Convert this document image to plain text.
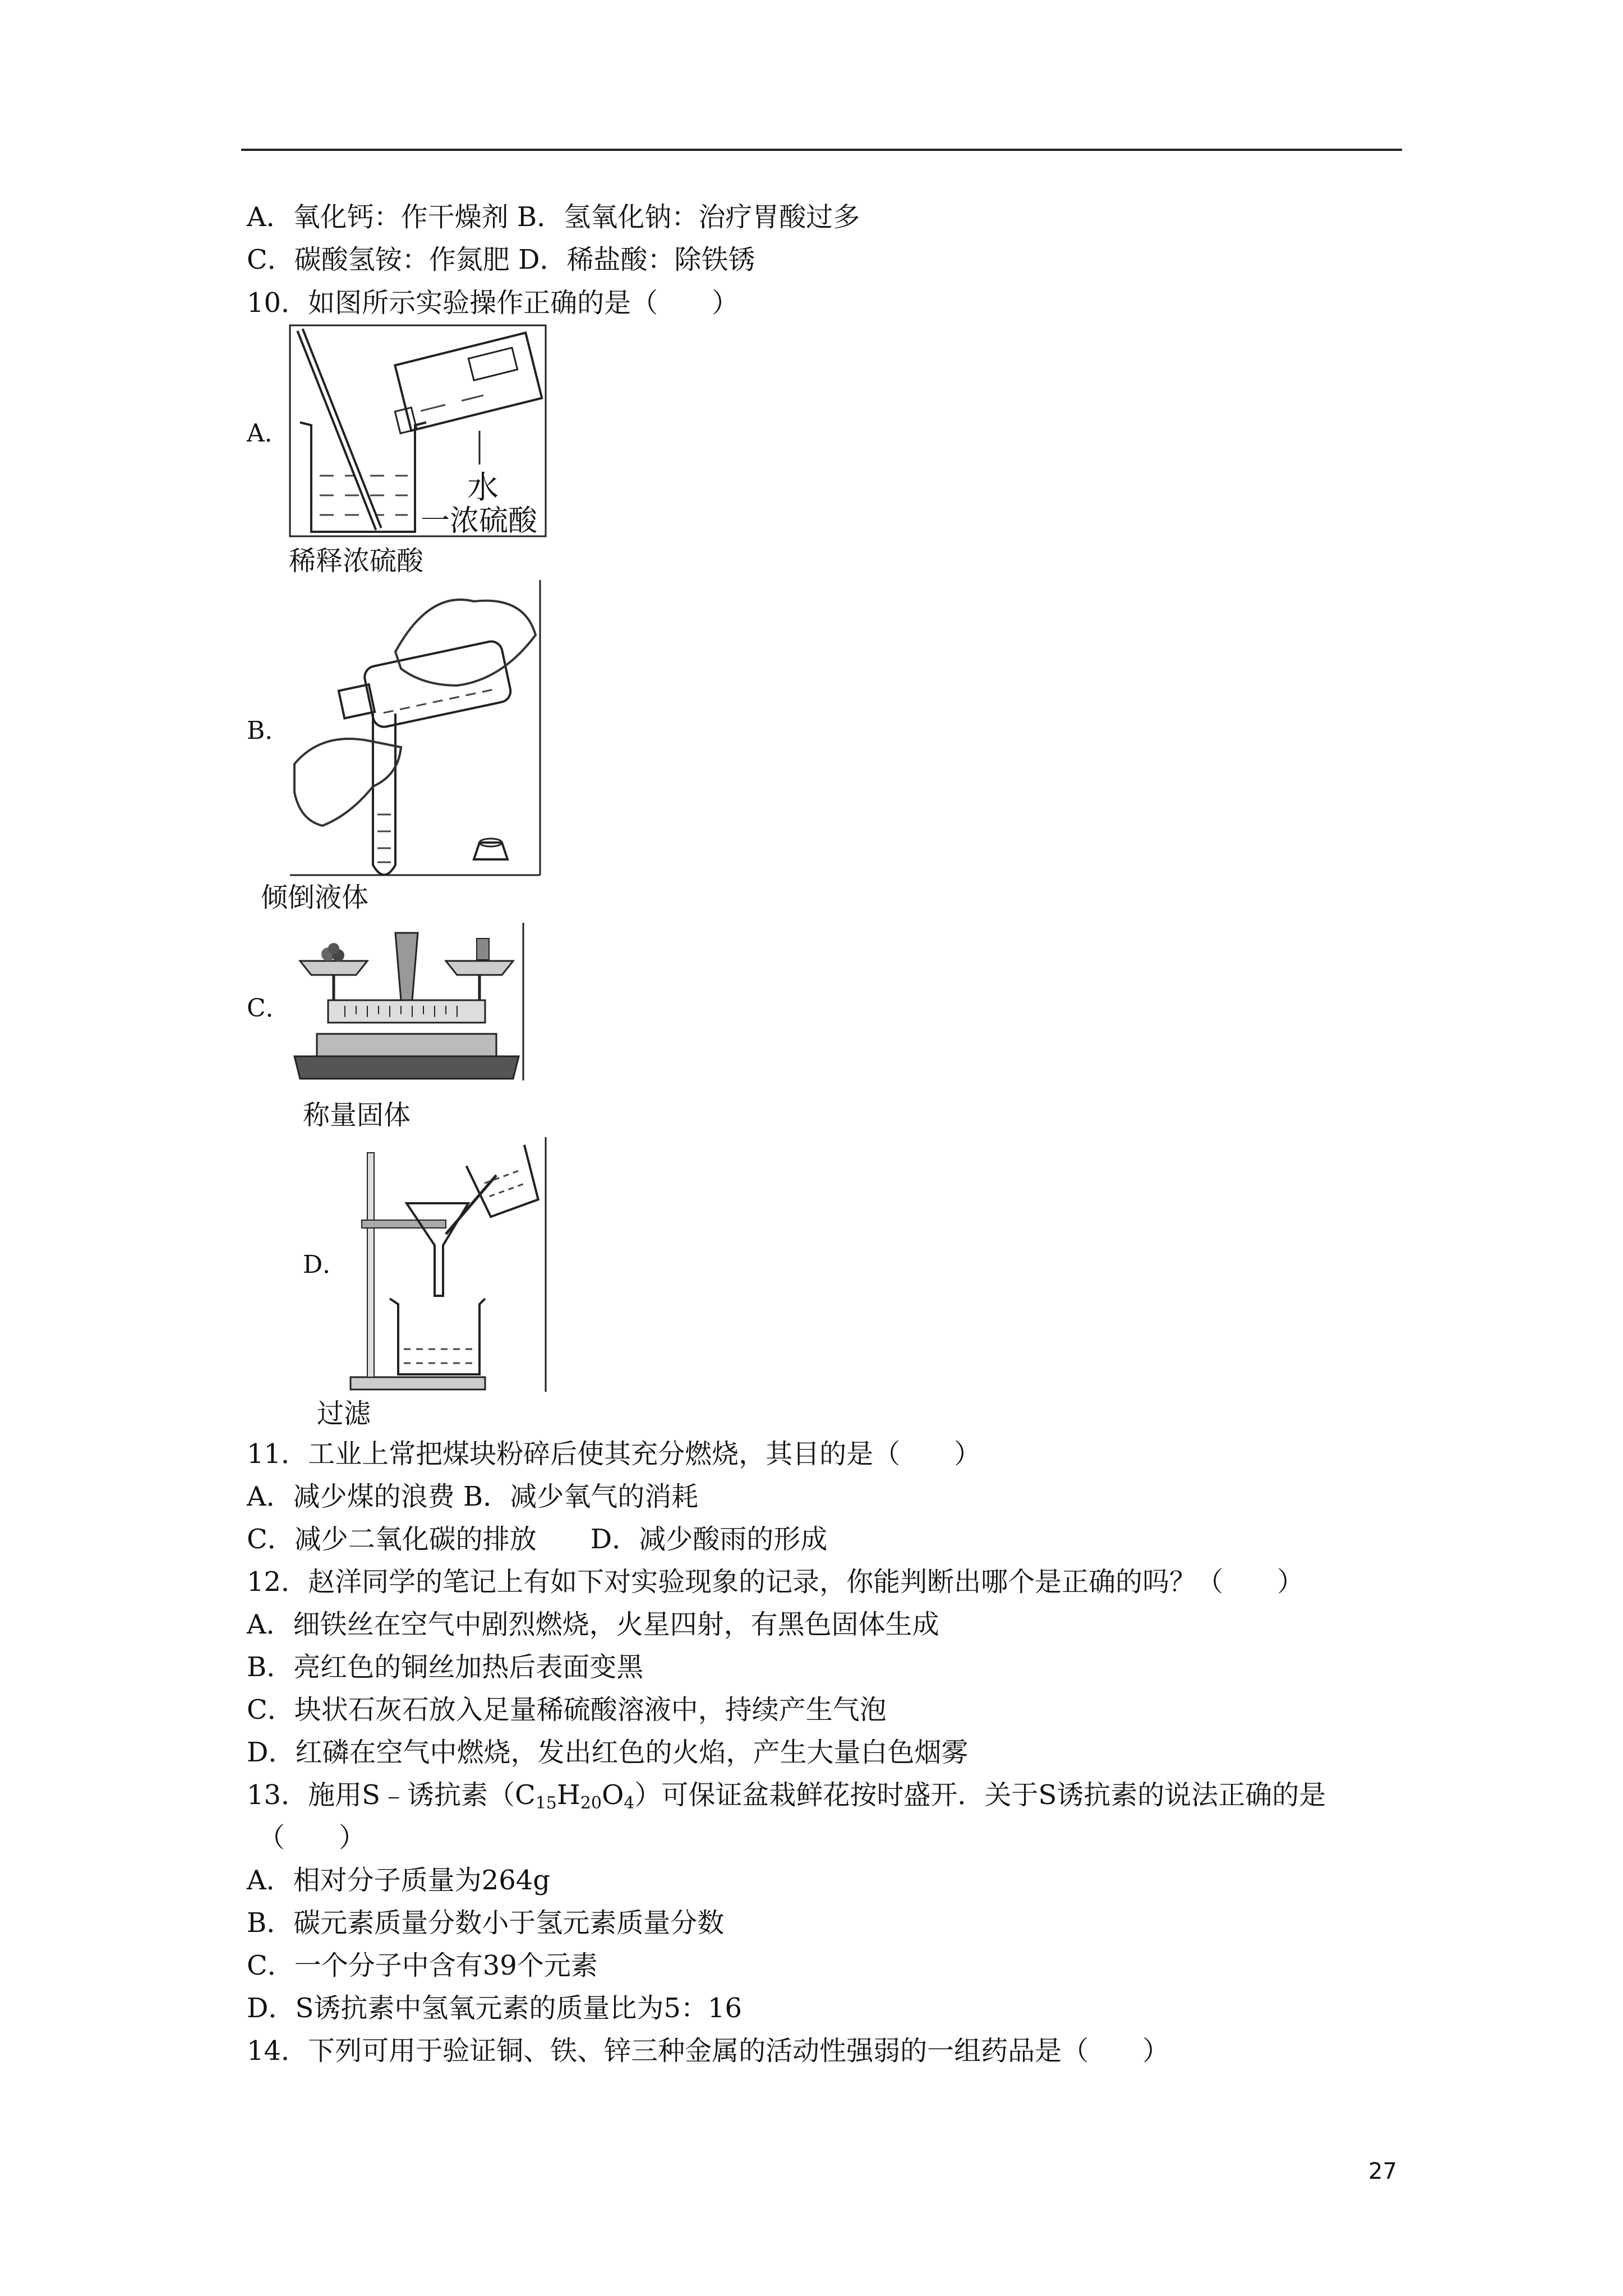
A．氧化钙：作干燥剂 B．氢氧化钠：治疗胃酸过多
C．碳酸氢铵：作氮肥 D．稀盐酸：除铁锈
10．如图所示实验操作正确的是（　　）
A．
水
一浓硫酸
稀释浓硫酸
B．
倾倒液体
C．
称量固体
D．
过滤
11．工业上常把煤块粉碎后使其充分燃烧，其目的是（　　）
A．减少煤的浪费 B．减少氧气的消耗
C．减少二氧化碳的排放　　D．减少酸雨的形成
12．赵洋同学的笔记上有如下对实验现象的记录，你能判断出哪个是正确的吗？（　　）
A．细铁丝在空气中剧烈燃烧，火星四射，有黑色固体生成
B．亮红色的铜丝加热后表面变黑
C．块状石灰石放入足量稀硫酸溶液中，持续产生气泡
D．红磷在空气中燃烧，发出红色的火焰，产生大量白色烟雾
13．施用S﹣诱抗素$(C_{15}H_{20}O_4)$可保证盆栽鲜花按时盛开．关于S诱抗素的说法正确的是
（　　）
A．相对分子质量为264g
B．碳元素质量分数小于氢元素质量分数
C．一个分子中含有39个元素
D．S诱抗素中氢氧元素的质量比为5：16
14．下列可用于验证铜、铁、锌三种金属的活动性强弱的一组药品是（　　）
27
